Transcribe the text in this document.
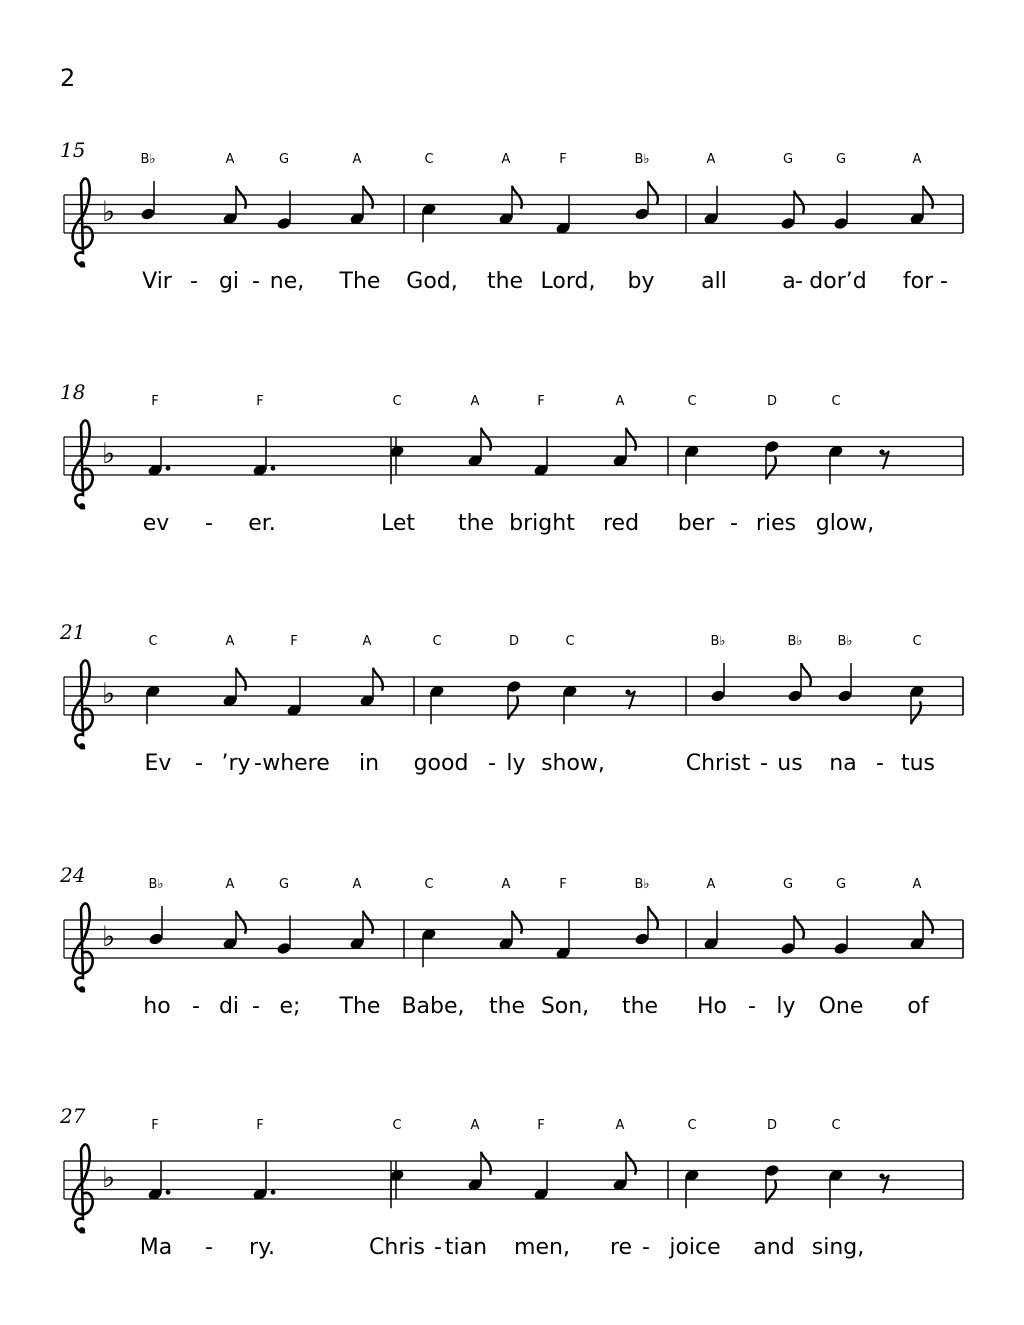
2
15
♭
B♭	A	G	A	C	A	F	B♭	A	G	G	A
Vir - gi - ne, The God, the Lord, by all	a - dor’d for -
18
♭
F	F	C	A	F	A	C	D	C
ev - er.	Let the bright red ber - ries glow,
21
♭
C	A	F	A	C	D	C	B♭	B♭	B♭	C
Ev - ’ry - where in good - ly show,	Christ - us na - tus
24
♭
B♭	A	G	A	C	A	F	B♭	A	G	G	A
ho - di - e; The Babe, the Son, the Ho - ly One of
27
♭
F	F	C	A	F	A	C	D	C
Ma - ry.	Chris - tian men, re - joice and sing,
